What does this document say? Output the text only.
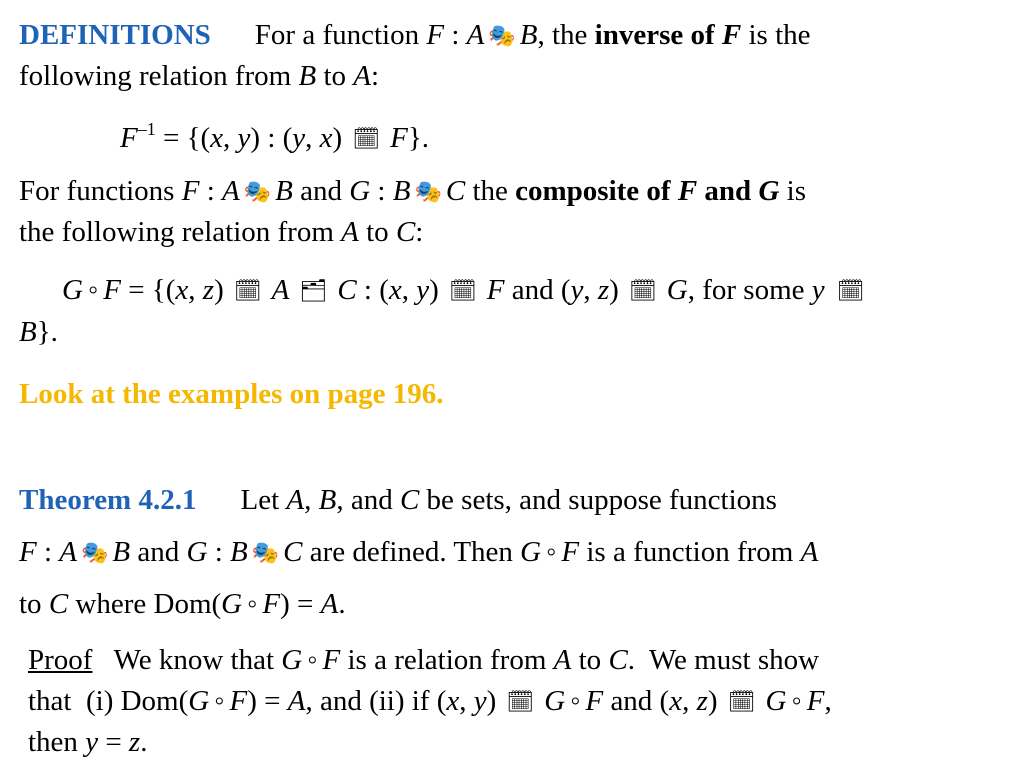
DEFINITIONS For a function F : A 🎭 B, the inverse of F is the
following relation from B to A:
$F^{-1} = \{(x$, y) : (y, x) 🗓 F}.
For functions F : A 🎭 B and G : B 🎭 C the composite of F and G is
the following relation from A to C:
G ◦ F = {(x, z) 🗓 A 🗂 C : (x, y) 🗓 F and (y, z) 🗓 G, for some y 🗓
B}.
Look at the examples on page 196.
Theorem 4.2.1 Let A, B, and C be sets, and suppose functions
F : A 🎭 B and G : B 🎭 C are defined. Then G ◦ F is a function from A
to C where Dom(G ◦ F) = A.
Proof   We know that G ◦ F is a relation from A to C.  We must show
that  (i) Dom(G ◦ F) = A, and (ii) if (x, y) 🗓 G ◦ F and (x, z) 🗓 G ◦ F,
then y = z.
